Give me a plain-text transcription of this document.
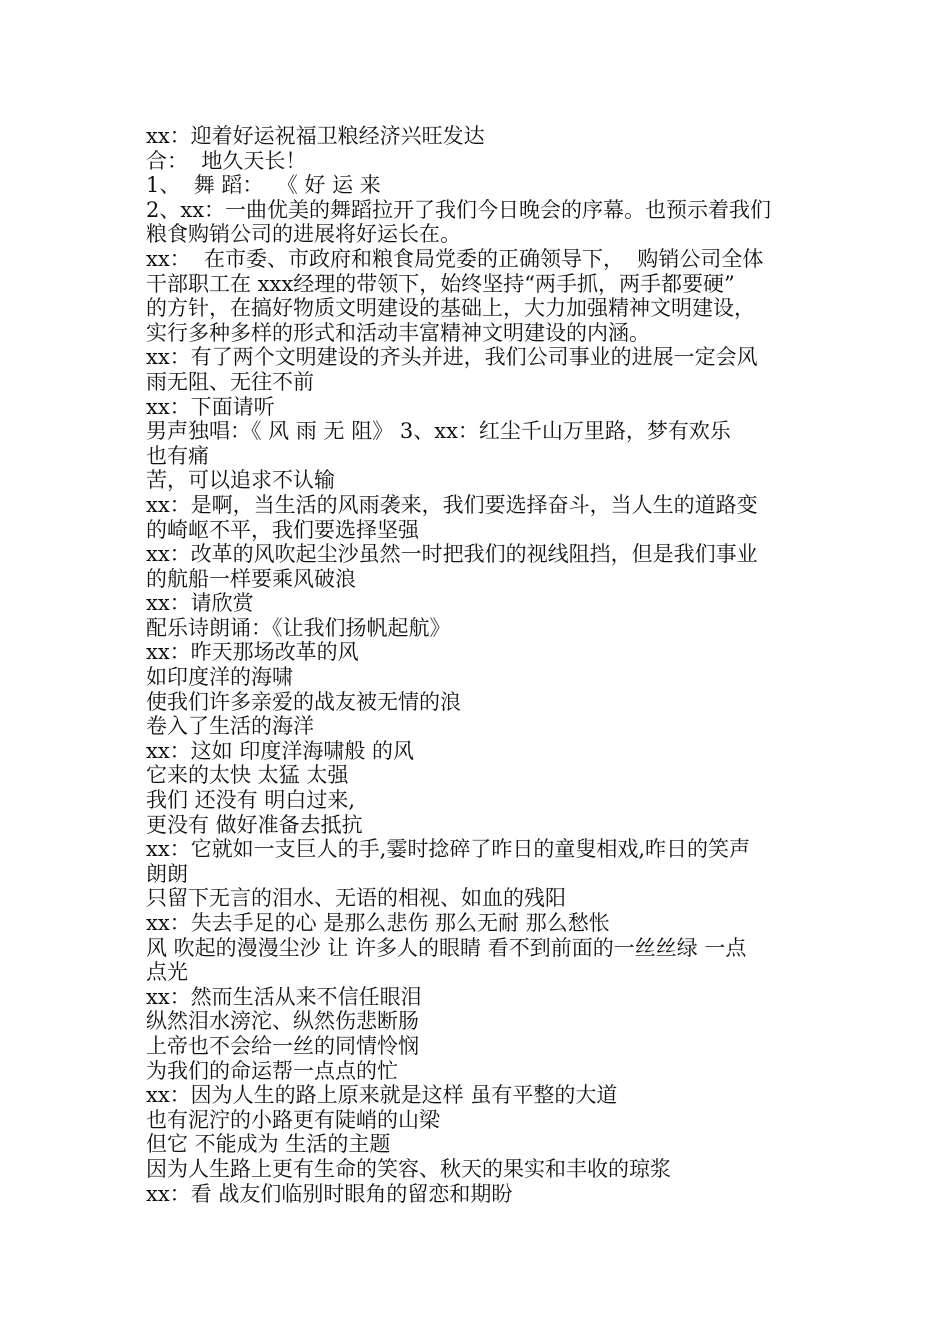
xx：迎着好运祝福卫粮经济兴旺发达
合：  地久天长！
1、  舞 蹈：  《 好 运 来
2、xx：一曲优美的舞蹈拉开了我们今日晚会的序幕。也预示着我们
粮食购销公司的进展将好运长在。
xx：  在市委、市政府和粮食局党委的正确领导下，  购销公司全体
干部职工在 xxx经理的带领下，始终坚持“两手抓，两手都要硬”
的方针，在搞好物质文明建设的基础上，大力加强精神文明建设，
实行多种多样的形式和活动丰富精神文明建设的内涵。
xx：有了两个文明建设的齐头并进，我们公司事业的进展一定会风
雨无阻、无往不前
xx：下面请听
男声独唱：《 风 雨 无 阻》 3、xx：红尘千山万里路，梦有欢乐
也有痛
苦，可以追求不认输
xx：是啊，当生活的风雨袭来，我们要选择奋斗，当人生的道路变
的崎岖不平，我们要选择坚强
xx：改革的风吹起尘沙虽然一时把我们的视线阻挡，但是我们事业
的航船一样要乘风破浪
xx：请欣赏
配乐诗朗诵：《让我们扬帆起航》
xx：昨天那场改革的风
如印度洋的海啸
使我们许多亲爱的战友被无情的浪
卷入了生活的海洋
xx：这如 印度洋海啸般 的风
它来的太快 太猛 太强
我们 还没有 明白过来,
更没有 做好准备去抵抗
xx：它就如一支巨人的手,霎时捻碎了昨日的童叟相戏,昨日的笑声
朗朗
只留下无言的泪水、无语的相视、如血的残阳
xx：失去手足的心 是那么悲伤 那么无耐 那么愁怅
风 吹起的漫漫尘沙 让 许多人的眼睛 看不到前面的一丝丝绿 一点
点光
xx：然而生活从来不信任眼泪
纵然泪水滂沱、纵然伤悲断肠
上帝也不会给一丝的同情怜悯
为我们的命运帮一点点的忙
xx：因为人生的路上原来就是这样 虽有平整的大道
也有泥泞的小路更有陡峭的山梁
但它 不能成为 生活的主题
因为人生路上更有生命的笑容、秋天的果实和丰收的琼浆
xx：看 战友们临别时眼角的留恋和期盼
